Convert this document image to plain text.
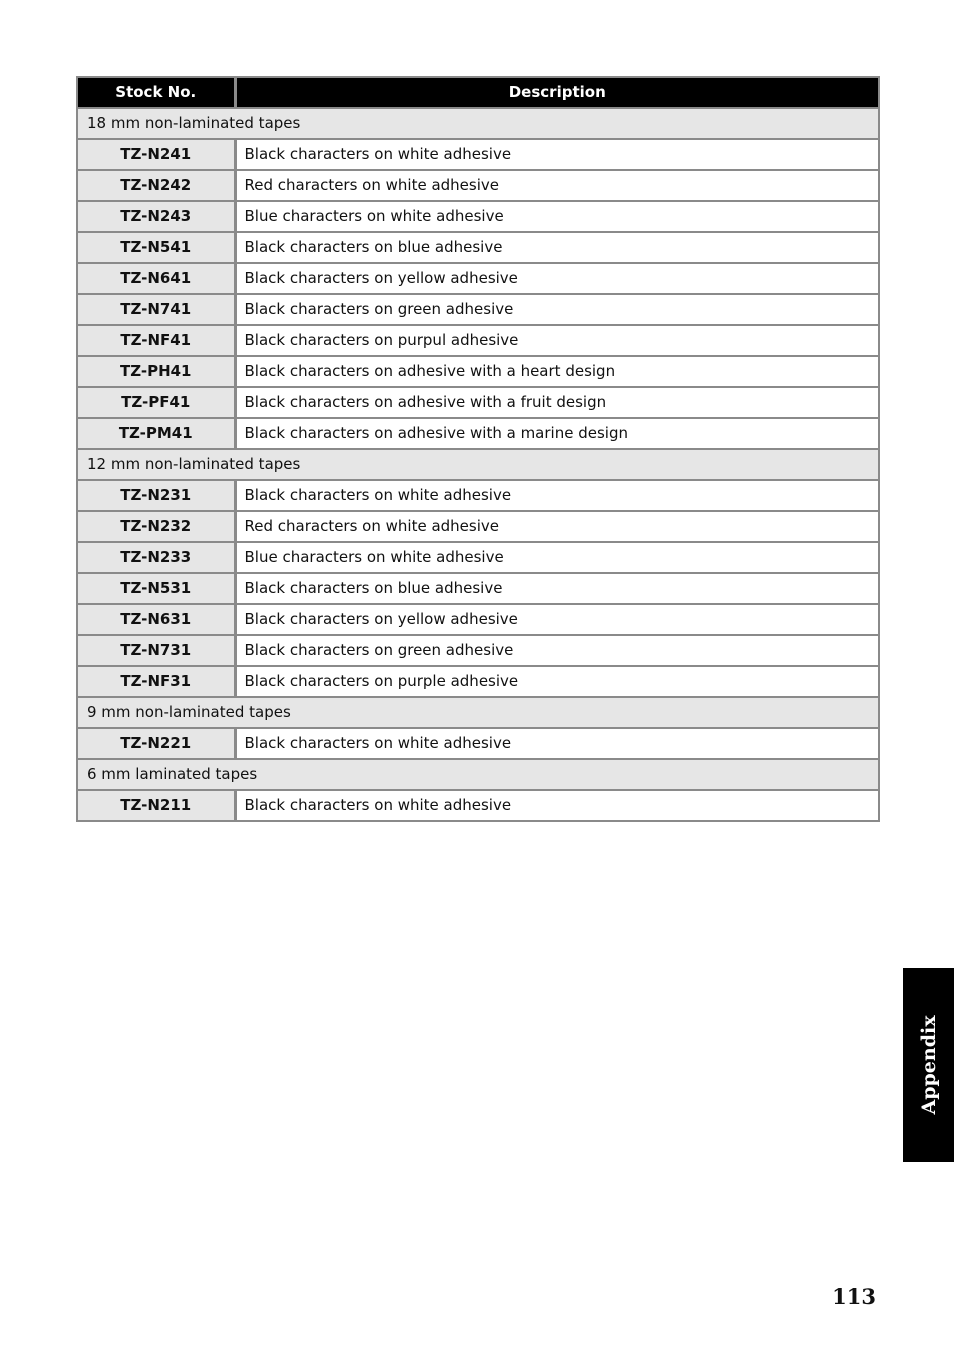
Stock No.	Description
18 mm non-laminated tapes	
TZ-N241	Black characters on white adhesive
TZ-N242	Red characters on white adhesive
TZ-N243	Blue characters on white adhesive
TZ-N541	Black characters on blue adhesive
TZ-N641	Black characters on yellow adhesive
TZ-N741	Black characters on green adhesive
TZ-NF41	Black characters on purpul adhesive
TZ-PH41	Black characters on adhesive with a heart design
TZ-PF41	Black characters on adhesive with a fruit design
TZ-PM41	Black characters on adhesive with a marine design
12 mm non-laminated tapes	
TZ-N231	Black characters on white adhesive
TZ-N232	Red characters on white adhesive
TZ-N233	Blue characters on white adhesive
TZ-N531	Black characters on blue adhesive
TZ-N631	Black characters on yellow adhesive
TZ-N731	Black characters on green adhesive
TZ-NF31	Black characters on purple adhesive
9 mm non-laminated tapes	
TZ-N221	Black characters on white adhesive
6 mm laminated tapes	
TZ-N211	Black characters on white adhesive
Appendix
113
